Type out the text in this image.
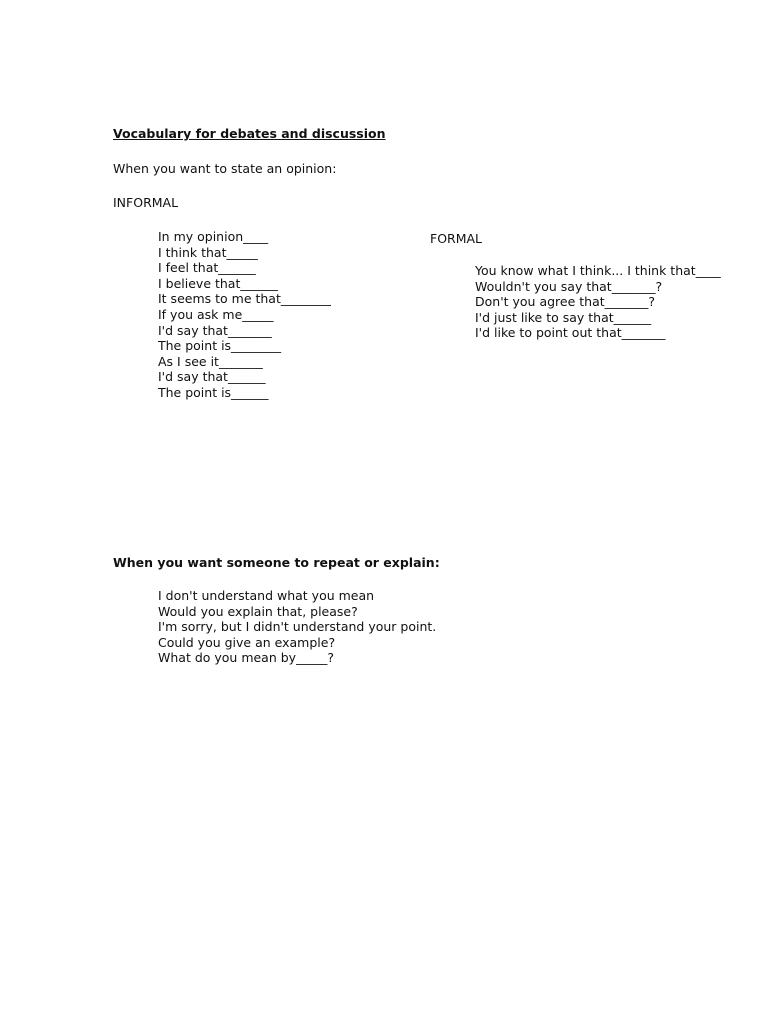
Vocabulary for debates and discussion
When you want to state an opinion:
INFORMAL
In my opinion____
I think that_____
I feel that______
I believe that______
It seems to me that________
If you ask me_____
I'd say that_______
The point is________
As I see it_______
I'd say that______
The point is______
FORMAL
You know what I think... I think that____
Wouldn't you say that_______?
Don't you agree that_______?
I'd just like to say that______
I'd like to point out that_______
When you want someone to repeat or explain:
I don't understand what you mean
Would you explain that, please?
I'm sorry, but I didn't understand your point.
Could you give an example?
What do you mean by_____?
